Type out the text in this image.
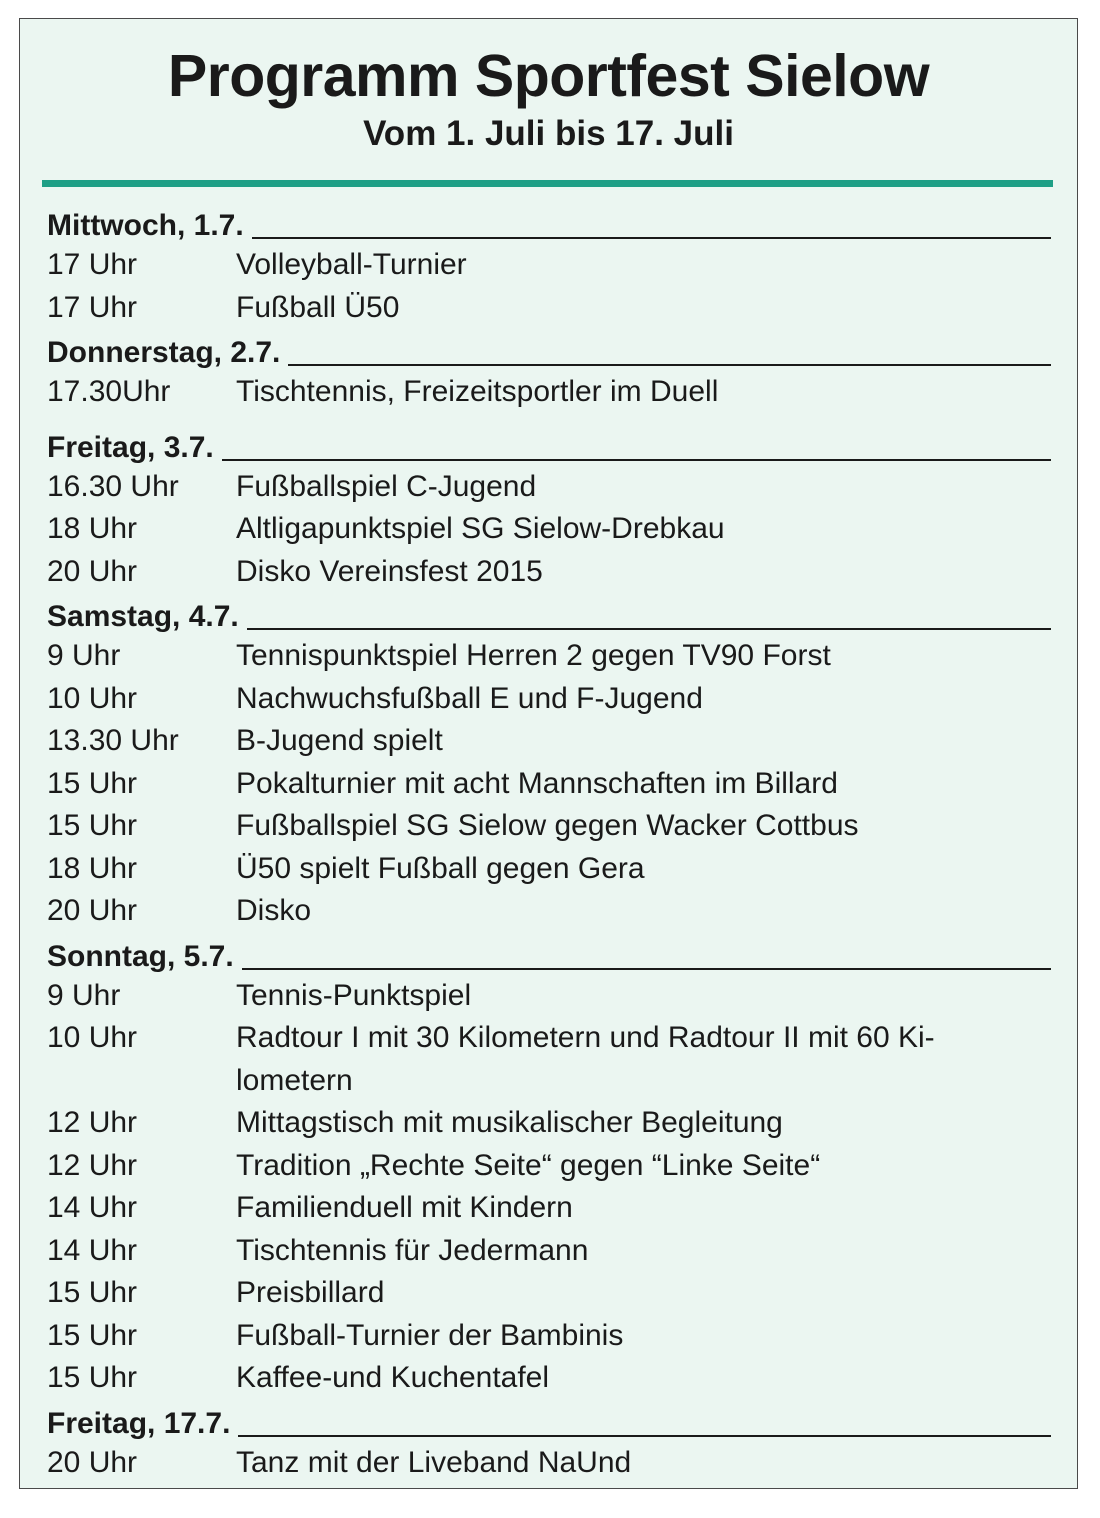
Programm Sportfest Sielow
Vom 1. Juli bis 17. Juli
Mittwoch, 1.7.
17 Uhr	Volleyball-Turnier
17 Uhr	Fußball Ü50
Donnerstag, 2.7.
17.30Uhr	Tischtennis, Freizeitsportler im Duell
Freitag, 3.7.
16.30 Uhr	Fußballspiel C-Jugend
18 Uhr	Altligapunktspiel SG Sielow-Drebkau
20 Uhr	Disko Vereinsfest 2015
Samstag, 4.7.
9 Uhr	Tennispunktspiel Herren 2 gegen TV90 Forst
10 Uhr	Nachwuchsfußball E und F-Jugend
13.30 Uhr	B-Jugend spielt
15 Uhr	Pokalturnier mit acht Mannschaften im Billard
15 Uhr	Fußballspiel SG Sielow gegen Wacker Cottbus
18 Uhr	Ü50 spielt Fußball gegen Gera
20 Uhr	Disko
Sonntag, 5.7.
9 Uhr	Tennis-Punktspiel
10 Uhr	Radtour I mit 30 Kilometern und Radtour II mit 60 Ki-lometern
12 Uhr	Mittagstisch mit musikalischer Begleitung
12 Uhr	Tradition „Rechte Seite“ gegen “Linke Seite“
14 Uhr	Familienduell mit Kindern
14 Uhr	Tischtennis für Jedermann
15 Uhr	Preisbillard
15 Uhr	Fußball-Turnier der Bambinis
15 Uhr	Kaffee-und Kuchentafel
Freitag, 17.7.
20 Uhr	Tanz mit der Liveband NaUnd
